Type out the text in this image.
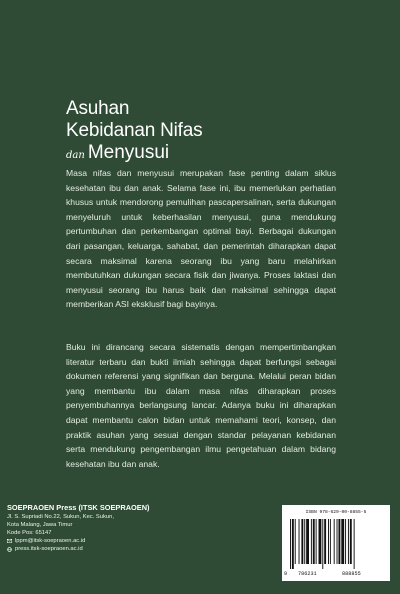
Asuhan
Kebidanan Nifas
dan Menyusui

Masa nifas dan menyusui merupakan fase penting dalam siklus kesehatan ibu dan anak. Selama fase ini, ibu memerlukan perhatian khusus untuk mendorong pemulihan pascapersalinan, serta dukungan menyeluruh untuk keberhasilan menyusui, guna mendukung pertumbuhan dan perkembangan optimal bayi. Berbagai dukungan dari pasangan, keluarga, sahabat, dan pemerintah diharapkan dapat secara maksimal karena seorang ibu yang baru melahirkan membutuhkan dukungan secara fisik dan jiwanya. Proses laktasi dan menyusui seorang ibu harus baik dan maksimal sehingga dapat memberikan ASI eksklusif bagi bayinya.

Buku ini dirancang secara sistematis dengan mempertimbangkan literatur terbaru dan bukti ilmiah sehingga dapat berfungsi sebagai dokumen referensi yang signifikan dan berguna. Melalui peran bidan yang membantu ibu dalam masa nifas diharapkan proses penyembuhannya berlangsung lancar. Adanya buku ini diharapkan dapat membantu calon bidan untuk memahami teori, konsep, dan praktik asuhan yang sesuai dengan standar pelayanan kebidanan serta mendukung pengembangan ilmu pengetahuan dalam bidang kesehatan ibu dan anak.

SOEPRAOEN Press (ITSK SOEPRAOEN)
Jl. S. Supriadi No.22, Sukun, Kec. Sukun,
Kota Malang, Jawa Timur
Kode Pos: 65147
lppm@itsk-soepraoen.ac.id
press.itsk-soepraoen.ac.id
ISBN 978-629-00-8855-5
9 786231	888855
